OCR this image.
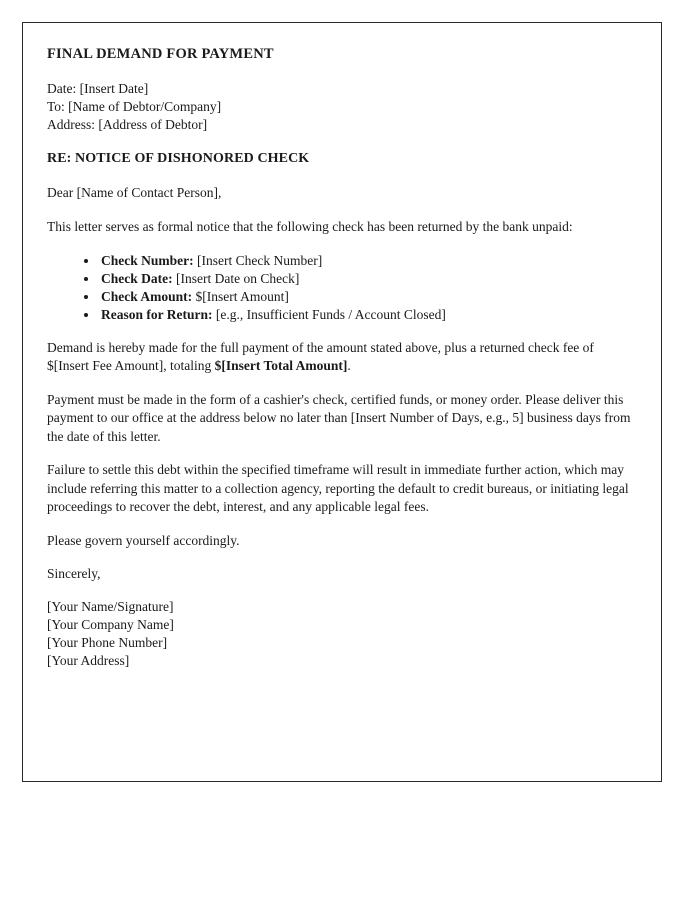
FINAL DEMAND FOR PAYMENT
Date: [Insert Date]
To: [Name of Debtor/Company]
Address: [Address of Debtor]
RE: NOTICE OF DISHONORED CHECK

Dear [Name of Contact Person],

This letter serves as formal notice that the following check has been returned by the bank unpaid:

• Check Number: [Insert Check Number]
• Check Date: [Insert Date on Check]
• Check Amount: $[Insert Amount]
• Reason for Return: [e.g., Insufficient Funds / Account Closed]

Demand is hereby made for the full payment of the amount stated above, plus a returned check fee of $[Insert Fee Amount], totaling $[Insert Total Amount].

Payment must be made in the form of a cashier's check, certified funds, or money order. Please deliver this payment to our office at the address below no later than [Insert Number of Days, e.g., 5] business days from the date of this letter.

Failure to settle this debt within the specified timeframe will result in immediate further action, which may include referring this matter to a collection agency, reporting the default to credit bureaus, or initiating legal proceedings to recover the debt, interest, and any applicable legal fees.

Please govern yourself accordingly.

Sincerely,

[Your Name/Signature]
[Your Company Name]
[Your Phone Number]
[Your Address]
